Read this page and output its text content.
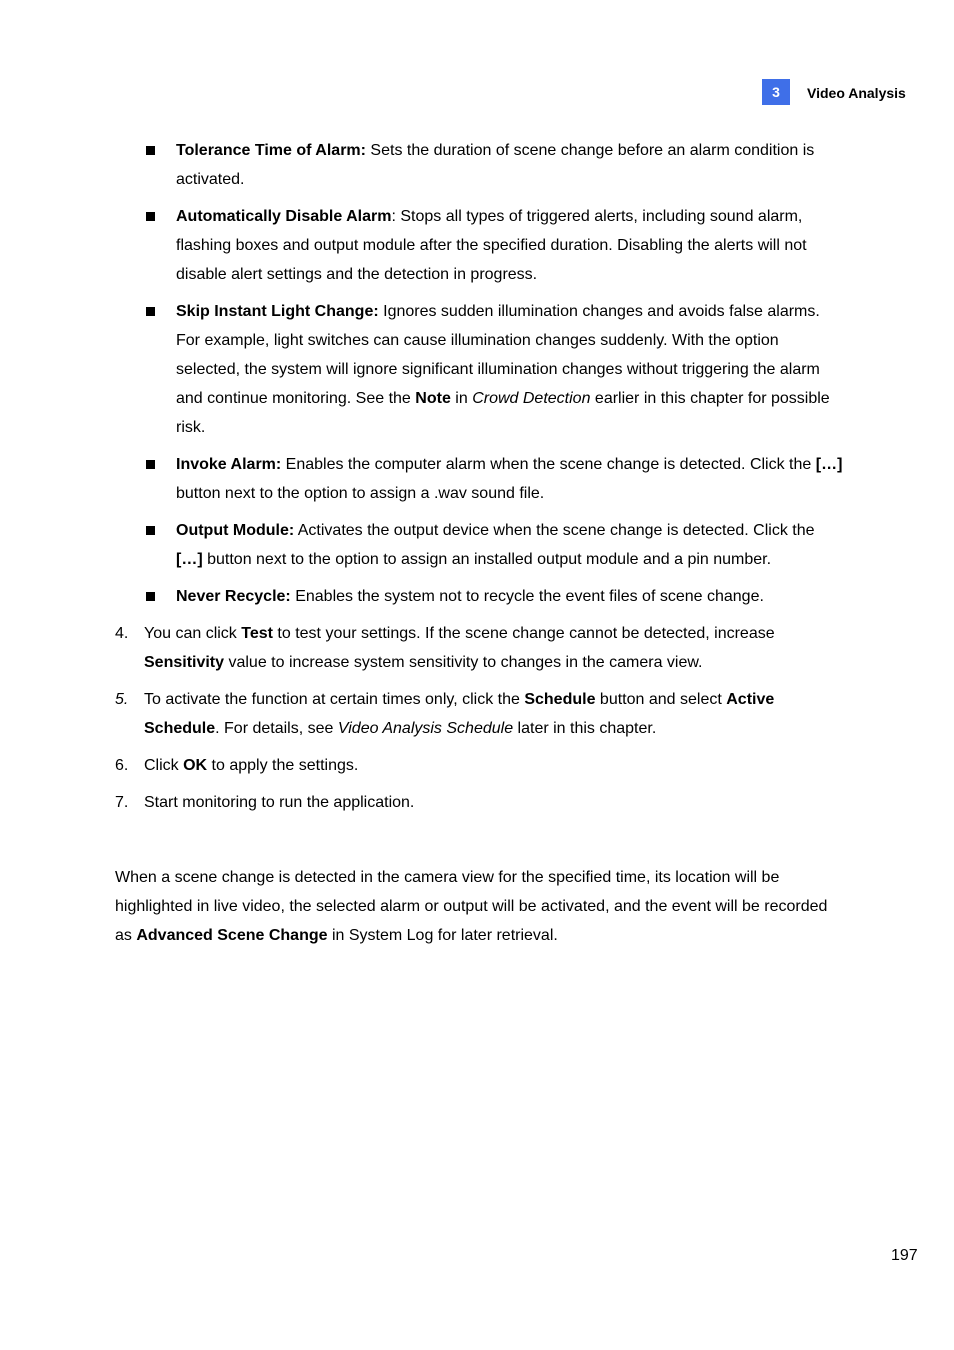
3	Video Analysis
Tolerance Time of Alarm: Sets the duration of scene change before an alarm condition is activated.
Automatically Disable Alarm: Stops all types of triggered alerts, including sound alarm, flashing boxes and output module after the specified duration. Disabling the alerts will not disable alert settings and the detection in progress.
Skip Instant Light Change: Ignores sudden illumination changes and avoids false alarms. For example, light switches can cause illumination changes suddenly. With the option selected, the system will ignore significant illumination changes without triggering the alarm and continue monitoring. See the Note in Crowd Detection earlier in this chapter for possible risk.
Invoke Alarm: Enables the computer alarm when the scene change is detected. Click the […] button next to the option to assign a .wav sound file.
Output Module: Activates the output device when the scene change is detected. Click the […] button next to the option to assign an installed output module and a pin number.
Never Recycle: Enables the system not to recycle the event files of scene change.
4. You can click Test to test your settings. If the scene change cannot be detected, increase Sensitivity value to increase system sensitivity to changes in the camera view.
5. To activate the function at certain times only, click the Schedule button and select Active Schedule. For details, see Video Analysis Schedule later in this chapter.
6. Click OK to apply the settings.
7. Start monitoring to run the application.
When a scene change is detected in the camera view for the specified time, its location will be highlighted in live video, the selected alarm or output will be activated, and the event will be recorded as Advanced Scene Change in System Log for later retrieval.
197
